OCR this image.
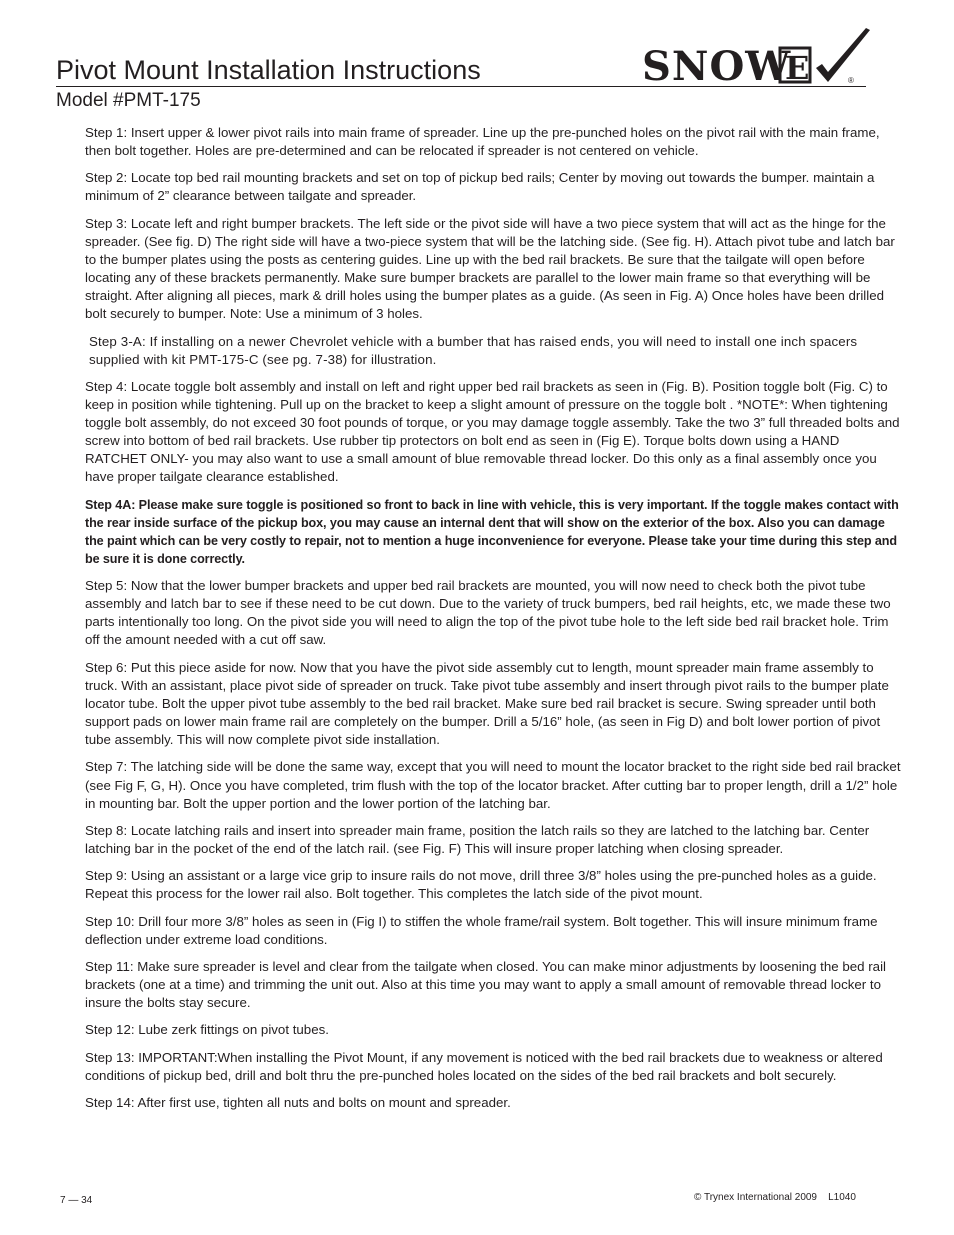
Pivot Mount Installation Instructions
Model #PMT-175
SNOW
E	®

Step 1: Insert upper & lower pivot rails into main frame of spreader. Line up the pre-punched holes on the pivot rail with the main frame, then bolt together. Holes are pre-determined and can be relocated if spreader is not centered on vehicle.

Step 2: Locate top bed rail mounting brackets and set on top of pickup bed rails; Center by moving out towards the bumper. maintain a minimum of 2” clearance between tailgate and spreader.

Step 3: Locate left and right bumper brackets. The left side or the pivot side will have a two piece system that will act as the hinge for the spreader. (See fig. D) The right side will have a two-piece system that will be the latching side. (See fig. H). Attach pivot tube and latch bar to the bumper plates using the posts as centering guides. Line up with the bed rail brackets. Be sure that the tailgate will open before locating any of these brackets permanently. Make sure bumper brackets are parallel to the lower main frame so that everything will be straight. After aligning all pieces, mark & drill holes using the bumper plates as a guide. (As seen in Fig. A) Once holes have been drilled bolt securely to bumper. Note: Use a minimum of 3 holes.

Step 3-A: If installing on a newer Chevrolet vehicle with a bumber that has raised ends, you will need to install one inch spacers supplied with kit PMT-175-C (see pg. 7-38) for illustration.

Step 4: Locate toggle bolt assembly and install on left and right upper bed rail brackets as seen in (Fig. B). Position toggle bolt (Fig. C) to keep in position while tightening. Pull up on the bracket to keep a slight amount of pressure on the toggle bolt . *NOTE*: When tightening toggle bolt assembly, do not exceed 30 foot pounds of torque, or you may damage toggle assembly. Take the two 3” full threaded bolts and screw into bottom of bed rail brackets. Use rubber tip protectors on bolt end as seen in (Fig E). Torque bolts down using a HAND RATCHET ONLY- you may also want to use a small amount of blue removable thread locker. Do this only as a final assembly once you have proper tailgate clearance established.

Step 4A: Please make sure toggle is positioned so front to back in line with vehicle, this is very important. If the toggle makes contact with the rear inside surface of the pickup box, you may cause an internal dent that will show on the exterior of the box. Also you can damage the paint which can be very costly to repair, not to mention a huge inconvenience for everyone. Please take your time during this step and be sure it is done correctly.

Step 5: Now that the lower bumper brackets and upper bed rail brackets are mounted, you will now need to check both the pivot tube assembly and latch bar to see if these need to be cut down. Due to the variety of truck bumpers, bed rail heights, etc, we made these two parts intentionally too long. On the pivot side you will need to align the top of the pivot tube hole to the left side bed rail bracket hole. Trim off the amount needed with a cut off saw.

Step 6: Put this piece aside for now. Now that you have the pivot side assembly cut to length, mount spreader main frame assembly to truck. With an assistant, place pivot side of spreader on truck. Take pivot tube assembly and insert through pivot rails to the bumper plate locator tube. Bolt the upper pivot tube assembly to the bed rail bracket. Make sure bed rail bracket is secure. Swing spreader until both support pads on lower main frame rail are completely on the bumper. Drill a 5/16” hole, (as seen in Fig D) and bolt lower portion of pivot tube assembly. This will now complete pivot side installation.

Step 7: The latching side will be done the same way, except that you will need to mount the locator bracket to the right side bed rail bracket (see Fig F, G, H). Once you have completed, trim flush with the top of the locator bracket. After cutting bar to proper length, drill a 1/2” hole in mounting bar. Bolt the upper portion and the lower portion of the latching bar.

Step 8: Locate latching rails and insert into spreader main frame, position the latch rails so they are latched to the latching bar. Center latching bar in the pocket of the end of the latch rail. (see Fig. F) This will insure proper latching when closing spreader.

Step 9: Using an assistant or a large vice grip to insure rails do not move, drill three 3/8” holes using the pre-punched holes as a guide. Repeat this process for the lower rail also. Bolt together. This completes the latch side of the pivot mount.

Step 10: Drill four more 3/8” holes as seen in (Fig I) to stiffen the whole frame/rail system. Bolt together. This will insure minimum frame deflection under extreme load conditions.

Step 11: Make sure spreader is level and clear from the tailgate when closed. You can make minor adjustments by loosening the bed rail brackets (one at a time) and trimming the unit out. Also at this time you may want to apply a small amount of removable thread locker to insure the bolts stay secure.

Step 12: Lube zerk fittings on pivot tubes.

Step 13: IMPORTANT:When installing the Pivot Mount, if any movement is noticed with the bed rail brackets due to weakness or altered conditions of pickup bed, drill and bolt thru the pre-punched holes located on the sides of the bed rail brackets and bolt securely.

Step 14: After first use, tighten all nuts and bolts on mount and spreader.

7 — 34	© Trynex International 2009    L1040
